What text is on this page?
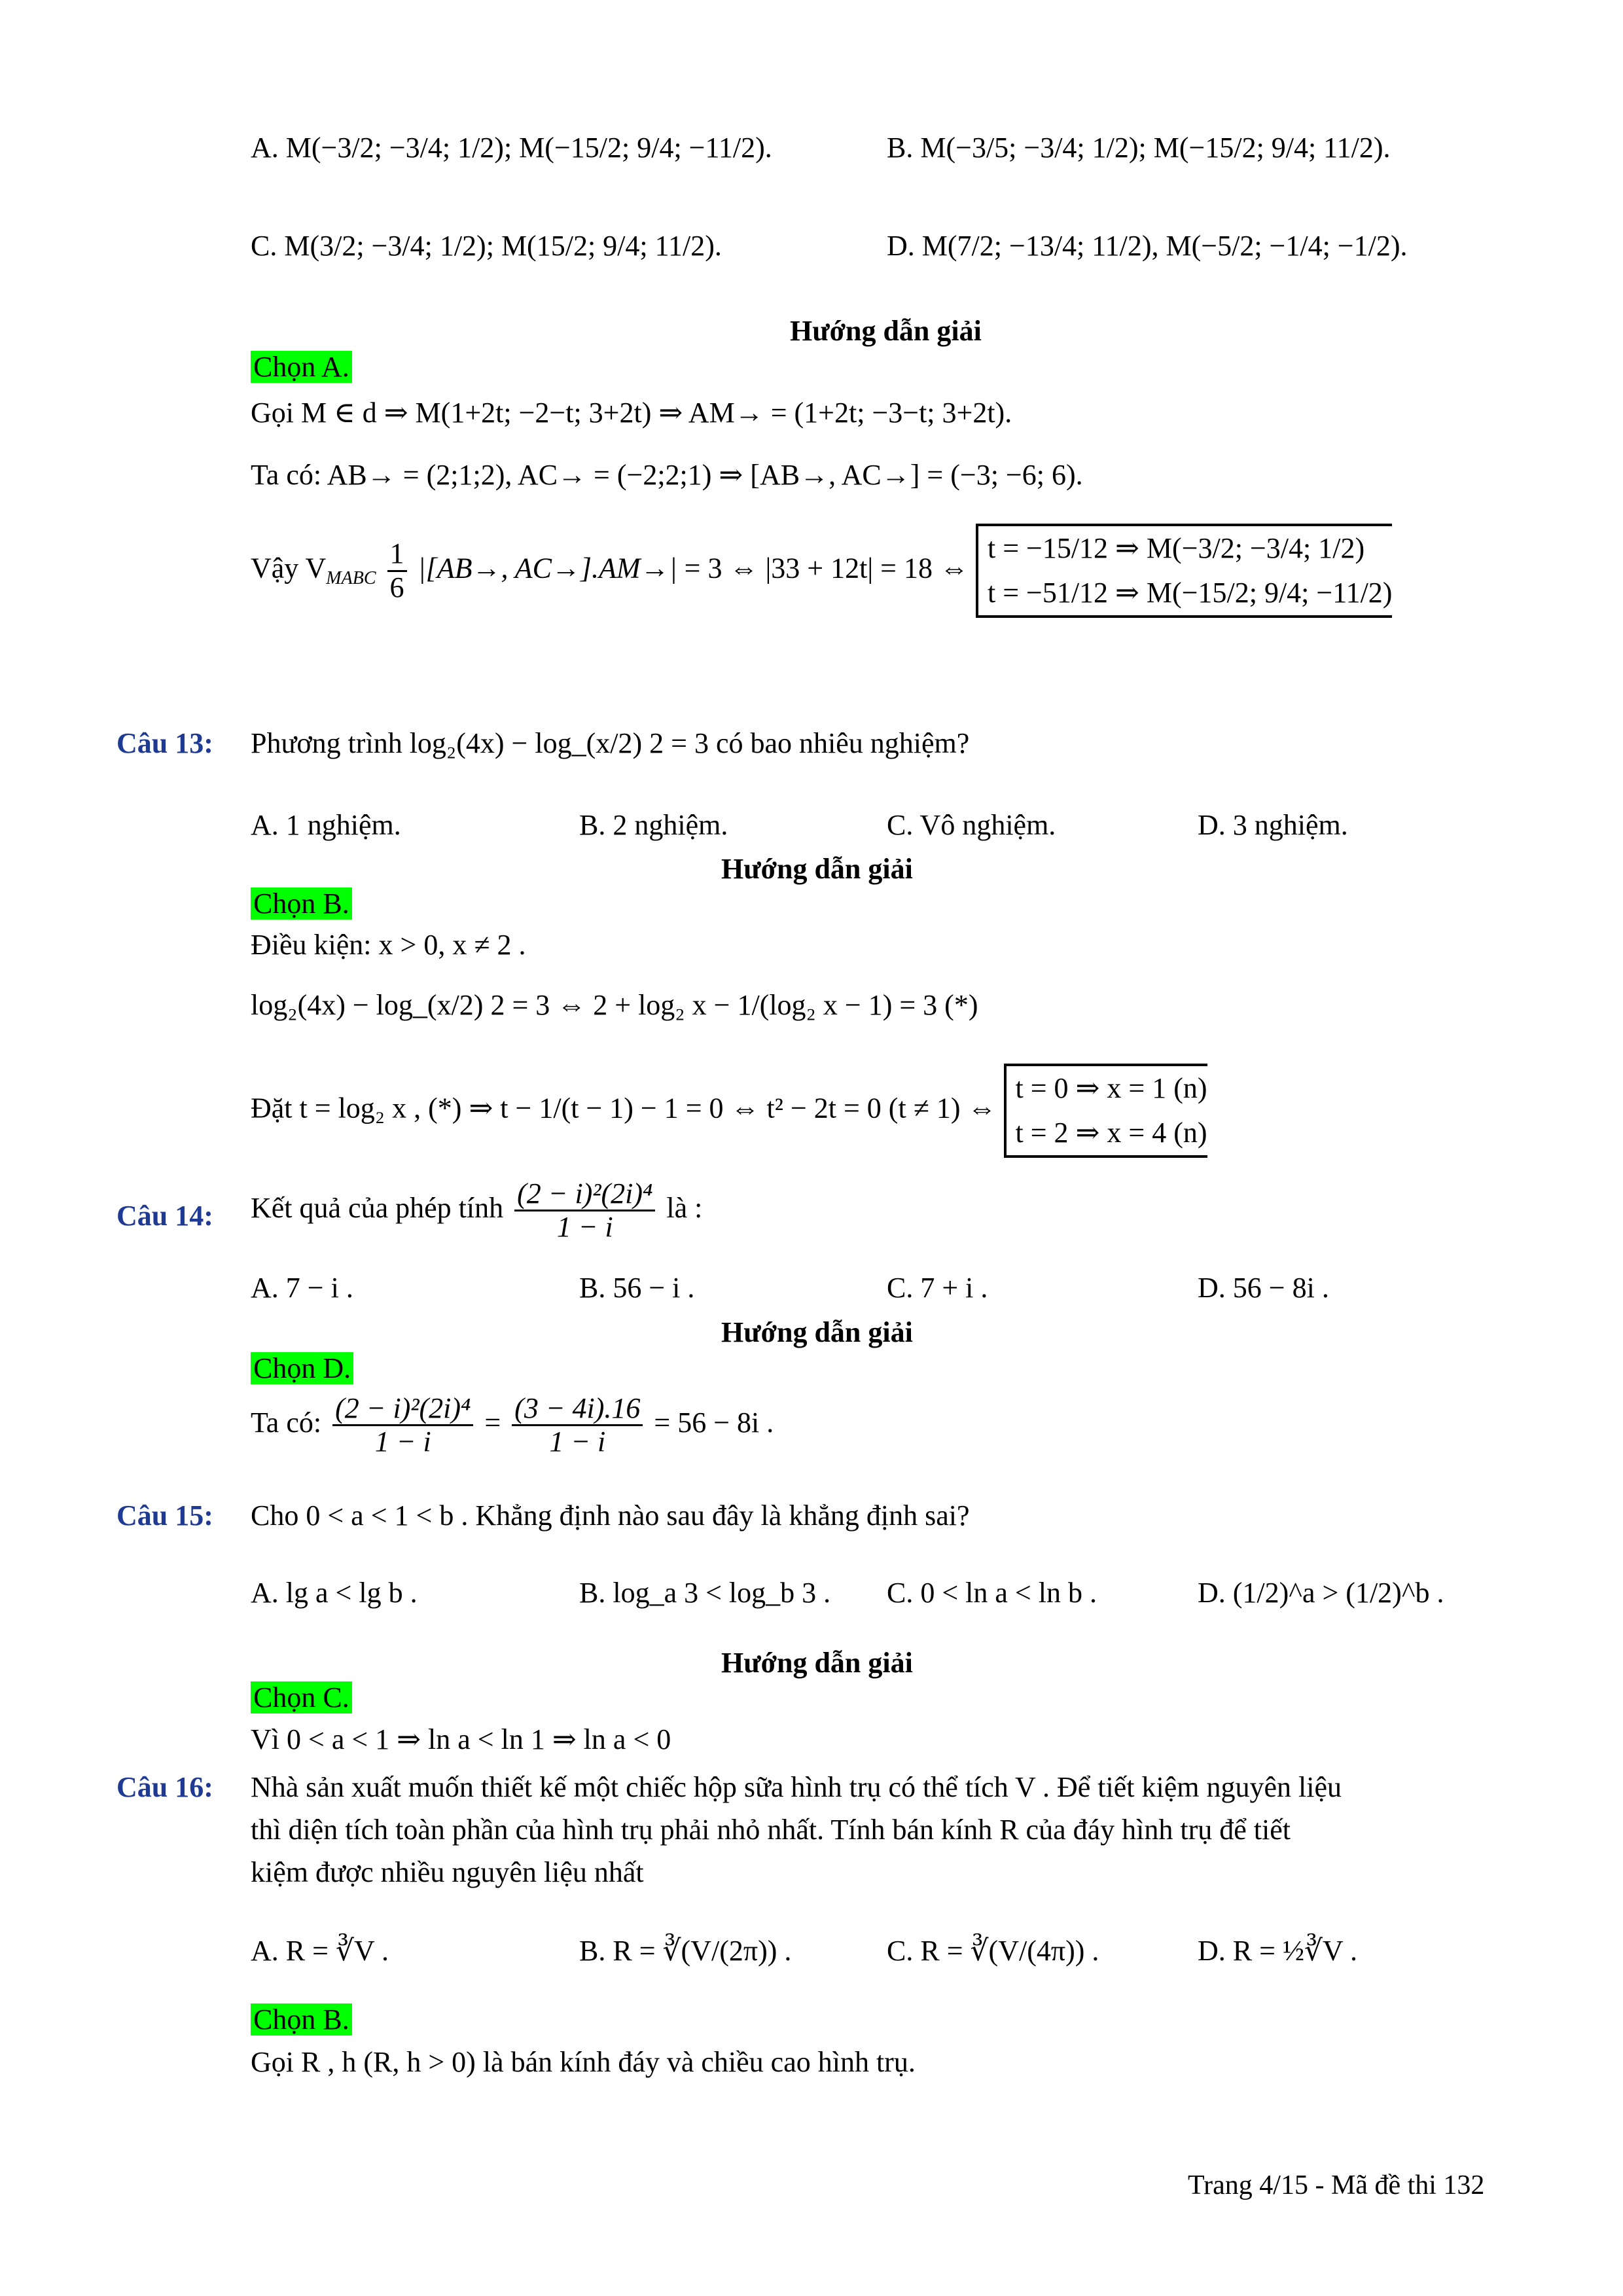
A. M(−3/2; −3/4; 1/2); M(−15/2; 9/4; −11/2).	B. M(−3/5; −3/4; 1/2); M(−15/2; 9/4; 11/2).
C. M(3/2; −3/4; 1/2); M(15/2; 9/4; 11/2).	D. M(7/2; −13/4; 11/2), M(−5/2; −1/4; −1/2).
Hướng dẫn giải
Chọn A.
Gọi M ∈ d ⇒ M(1+2t; −2−t; 3+2t) ⇒ AM→ = (1+2t; −3−t; 3+2t).
Ta có: AB→ = (2;1;2), AC→ = (−2;2;1) ⇒ [AB→, AC→] = (−3; −6; 6).
Vậy $V_{MABC} \frac{1}{6} |[AB\to$, AC→].AM→| = 3 ⇔ |33 + 12t| = 18 ⇔
t = −15/12 ⇒ M(−3/2; −3/4; 1/2)
t = −51/12 ⇒ M(−15/2; 9/4; −11/2)
Câu 13: Phương trình log₂(4x) − log_(x/2) 2 = 3 có bao nhiêu nghiệm?
A. 1 nghiệm.	B. 2 nghiệm.	C. Vô nghiệm.	D. 3 nghiệm.
Hướng dẫn giải
Chọn B.
Điều kiện: x > 0, x ≠ 2 .
log₂(4x) − log_(x/2) 2 = 3 ⇔ 2 + log₂ x − 1/(log₂ x − 1) = 3 (*)
Đặt t = log₂ x , (*) ⇒ t − 1/(t − 1) − 1 = 0 ⇔ t² − 2t = 0 (t ≠ 1) ⇔
t = 0 ⇒ x = 1 (n)
t = 2 ⇒ x = 4 (n)
Câu 14: Kết quả của phép tính $\frac{\text{(2 − i)²(2i)⁴}}{1 - i}$ là :
A. 7 − i .	B. 56 − i .	C. 7 + i .	D. 56 − 8i .
Hướng dẫn giải
Chọn D.
Ta có: $\frac{\text{(2 − i)²(2i)⁴}}{1 - i} = \frac{(3 - 4i).16}{1 - i} = 56 - 8i$ .
Câu 15: Cho 0 < a < 1 < b . Khẳng định nào sau đây là khẳng định sai?
A. lg a < lg b .	B. log_a 3 < log_b 3 . C. 0 < ln a < ln b .	D. (1/2)^a > (1/2)^b .
Hướng dẫn giải
Chọn C.
Vì 0 < a < 1 ⇒ ln a < ln 1 ⇒ ln a < 0
Câu 16: Nhà sản xuất muốn thiết kế một chiếc hộp sữa hình trụ có thể tích V . Để tiết kiệm nguyên liệu
thì diện tích toàn phần của hình trụ phải nhỏ nhất. Tính bán kính R của đáy hình trụ để tiết
kiệm được nhiều nguyên liệu nhất
A. R = ∛V .	B. R = ∛(V/(2π)) .	C. R = ∛(V/(4π)) .	D. R = ½∛V .
Chọn B.
Gọi R , h (R, h > 0) là bán kính đáy và chiều cao hình trụ.
Trang 4/15 - Mã đề thi 132
